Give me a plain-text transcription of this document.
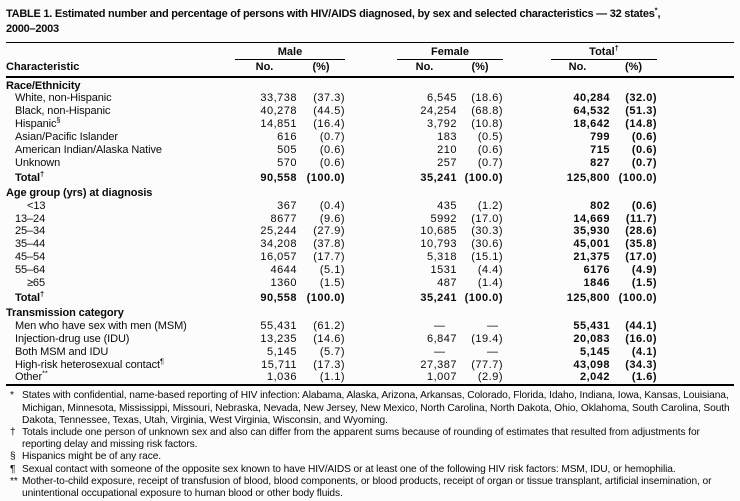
TABLE 1. Estimated number and percentage of persons with HIV/AIDS diagnosed, by sex and selected characteristics — 32 states*,
2000–2003
Characteristic	Male		Female		Total†

	No.	(%)	No.	(%)	No.	(%)
Race/Ethnicity						
White, non-Hispanic	33,738	(37.3)	6,545	(18.6)	40,284	(32.0)
Black, non-Hispanic	40,278	(44.5)	24,254	(68.8)	64,532	(51.3)
Hispanic§	14,851	(16.4)	3,792	(10.8)	18,642	(14.8)
Asian/Pacific Islander	616	(0.7)	183	(0.5)	799	(0.6)
American Indian/Alaska Native	505	(0.6)	210	(0.6)	715	(0.6)
Unknown	570	(0.6)	257	(0.7)	827	(0.7)
Total†	90,558	(100.0)	35,241	(100.0)	125,800	(100.0)
Age group (yrs) at diagnosis						
<13	367	(0.4)	435	(1.2)	802	(0.6)
13–24	8677	(9.6)	5992	(17.0)	14,669	(11.7)
25–34	25,244	(27.9)	10,685	(30.3)	35,930	(28.6)
35–44	34,208	(37.8)	10,793	(30.6)	45,001	(35.8)
45–54	16,057	(17.7)	5,318	(15.1)	21,375	(17.0)
55–64	4644	(5.1)	1531	(4.4)	6176	(4.9)
≥65	1360	(1.5)	487	(1.4)	1846	(1.5)
Total†	90,558	(100.0)	35,241	(100.0)	125,800	(100.0)
Transmission category						
Men who have sex with men (MSM)	55,431	(61.2)	—	—	55,431	(44.1)
Injection-drug use (IDU)	13,235	(14.6)	6,847	(19.4)	20,083	(16.0)
Both MSM and IDU	5,145	(5.7)	—	—	5,145	(4.1)
High-risk heterosexual contact¶	15,711	(17.3)	27,387	(77.7)	43,098	(34.3)
Other**	1,036	(1.1)	1,007	(2.9)	2,042	(1.6)
* States with confidential, name-based reporting of HIV infection: Alabama, Alaska, Arizona, Arkansas, Colorado, Florida, Idaho, Indiana, Iowa, Kansas, Louisiana, Michigan, Minnesota, Mississippi, Missouri, Nebraska, Nevada, New Jersey, New Mexico, North Carolina, North Dakota, Ohio, Oklahoma, South Carolina, South Dakota, Tennessee, Texas, Utah, Virginia, West Virginia, Wisconsin, and Wyoming.
† Totals include one person of unknown sex and also can differ from the apparent sums because of rounding of estimates that resulted from adjustments for reporting delay and missing risk factors.
§ Hispanics might be of any race.
¶ Sexual contact with someone of the opposite sex known to have HIV/AIDS or at least one of the following HIV risk factors: MSM, IDU, or hemophilia.
** Mother-to-child exposure, receipt of transfusion of blood, blood components, or blood products, receipt of organ or tissue transplant, artificial insemination, or unintentional occupational exposure to human blood or other body fluids.
